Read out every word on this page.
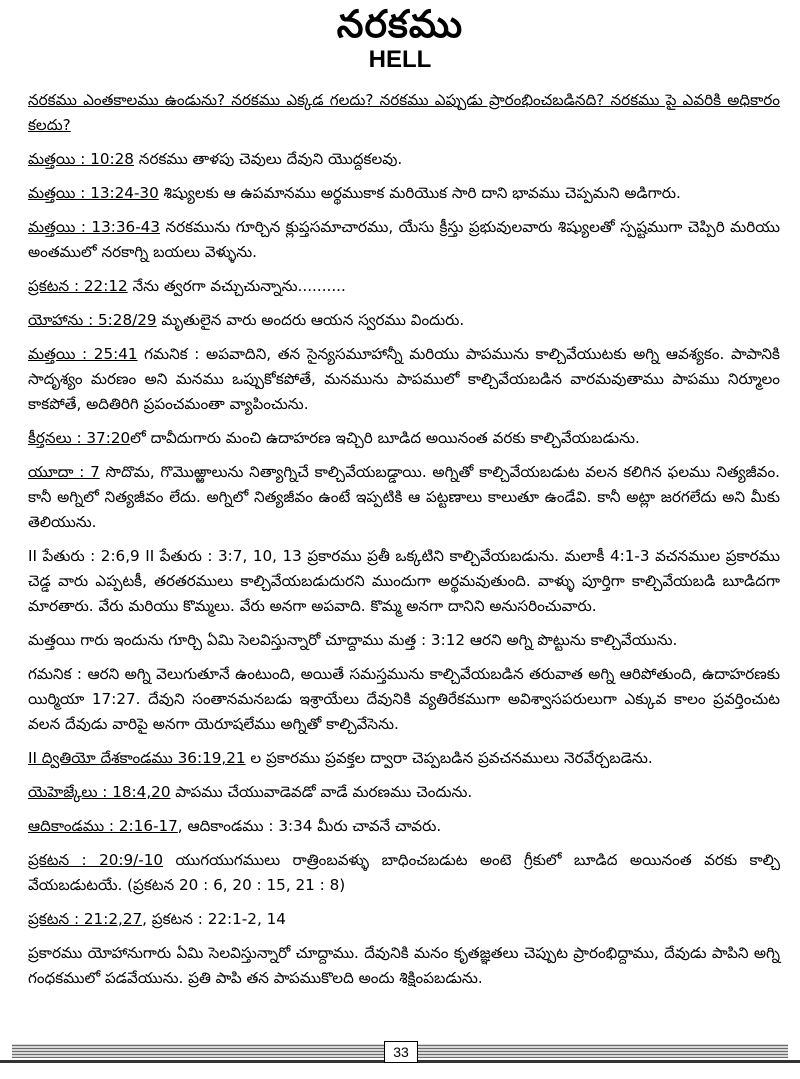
నరకము
HELL

నరకము ఎంతకాలము ఉండును? నరకము ఎక్కడ గలదు? నరకము ఎప్పుడు ప్రారంభించబడినది? నరకము పై ఎవరికి అధికారం కలదు?

మత్తయి : 10:28 నరకము తాళపు చెవులు దేవుని యొద్దకలవు.

మత్తయి : 13:24-30 శిష్యులకు ఆ ఉపమానము అర్థముకాక మరియొక సారి దాని భావము చెప్పమని అడిగారు.

మత్తయి : 13:36-43 నరకమును గూర్చిన క్లుప్తసమాచారము, యేసు క్రీస్తు ప్రభువులవారు శిష్యులతో స్పష్టముగా చెప్పిరి మరియు అంతములో నరకాగ్ని బయలు వెళ్ళును.

ప్రకటన : 22:12 నేను త్వరగా వచ్చుచున్నాను..........

యోహాను : 5:28/29 మృతులైన వారు అందరు ఆయన స్వరము విందురు.

మత్తయి : 25:41 గమనిక : అపవాదిని, తన సైన్యసమూహాన్నీ మరియు పాపమును కాల్చివేయుటకు అగ్ని ఆవశ్యకం. పాపానికి సాదృశ్యం మరణం అని మనము ఒప్పుకోకపోతే, మనమును పాపములో కాల్చివేయబడిన వారమవుతాము పాపము నిర్మూలం కాకపోతే, అదితిరిగి ప్రపంచమంతా వ్యాపించును.

కీర్తనలు : 37:20లో దావీదుగారు మంచి ఉదాహరణ ఇచ్చిరి బూడిద అయినంత వరకు కాల్చివేయబడును.

యూదా : 7 సొదొమ, గొమొఱ్ఱాలును నిత్యాగ్నిచే కాల్చివేయబడ్డాయి. అగ్నితో కాల్చివేయబడుట వలన కలిగిన ఫలము నిత్యజీవం. కానీ అగ్నిలో నిత్యజీవం లేదు. అగ్నిలో నిత్యజీవం ఉంటే ఇప్పటికి ఆ పట్టణాలు కాలుతూ ఉండేవి. కానీ అట్లా జరగలేదు అని మీకు తెలియును.

II పేతురు : 2:6,9 II పేతురు : 3:7, 10, 13 ప్రకారము ప్రతీ ఒక్కటిని కాల్చివేయబడును. మలాకీ 4:1-3 వచనముల ప్రకారము చెడ్డ వారు ఎప్పటకీ, తరతరములు కాల్చివేయబడుదురని ముందుగా అర్థమవుతుంది. వాళ్ళు పూర్తిగా కాల్చివేయబడి బూడిదగా మారతారు. వేరు మరియు కొమ్మలు. వేరు అనగా అపవాది. కొమ్మ అనగా దానిని అనుసరించువారు.

మత్తయి గారు ఇందును గూర్చి ఏమి సెలవిస్తున్నారో చూద్దాము మత్త : 3:12 ఆరని అగ్ని పొట్టును కాల్చివేయును.

గమనిక : ఆరని అగ్ని వెలుగుతూనే ఉంటుంది, అయితే సమస్తమును కాల్చివేయబడిన తరువాత అగ్ని ఆరిపోతుంది, ఉదాహరణకు యిర్మియా 17:27. దేవుని సంతానమనబడు ఇశ్రాయేలు దేవునికి వ్యతిరేకముగా అవిశ్వాసపరులుగా ఎక్కువ కాలం ప్రవర్తించుట వలన దేవుడు వారిపై అనగా యెరూషలేము అగ్నితో కాల్చివేసెను.

II ద్వితియో దేశకాండము 36:19,21 ల ప్రకారము ప్రవక్తల ద్వారా చెప్పబడిన ప్రవచనములు నెరవేర్చబడెను.

యెహెజ్కేలు : 18:4,20 పాపము చేయువాడెవడో వాడే మరణము చెందును.

ఆదికాండము : 2:16-17, ఆదికాండము : 3:34 మీరు చావనే చావరు.

ప్రకటన : 20:9/-10 యుగయుగములు రాత్రింబవళ్ళు బాధించబడుట అంటె గ్రీకులో బూడిద అయినంత వరకు కాల్చి వేయబడుటయే. (ప్రకటన 20 : 6, 20 : 15, 21 : 8)

ప్రకటన : 21:2,27, ప్రకటన : 22:1-2, 14

ప్రకారము యోహానుగారు ఏమి సెలవిస్తున్నారో చూద్దాము. దేవునికి మనం కృతజ్ఞతలు చెప్పుట ప్రారంభిద్దాము, దేవుడు పాపిని అగ్ని గంధకములో పడవేయును. ప్రతి పాపి తన పాపముకొలది అందు శిక్షింపబడును.

33
